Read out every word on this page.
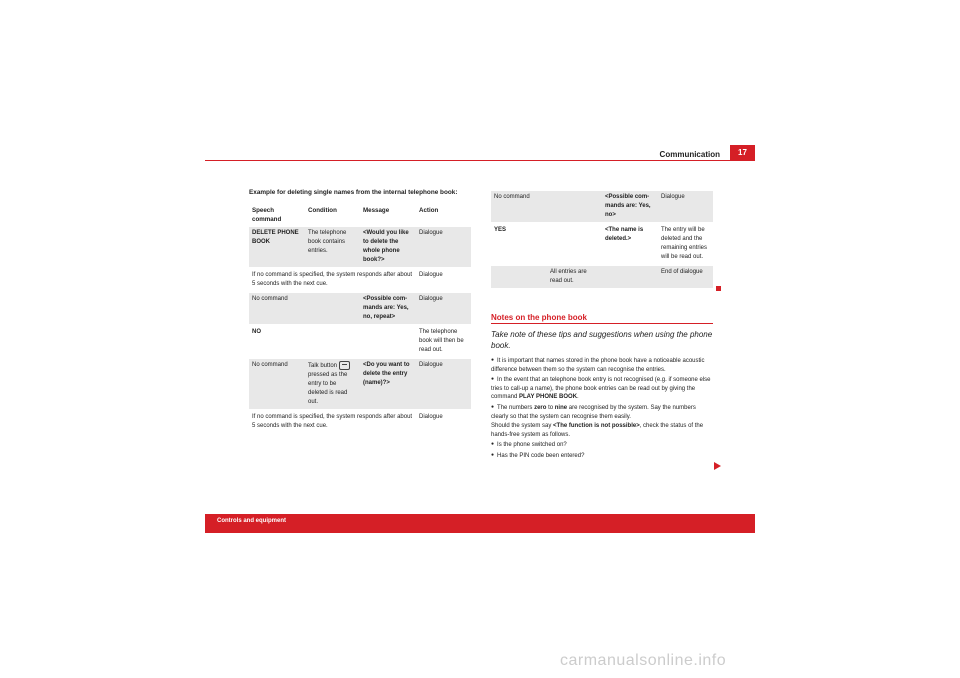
Communication	17
Example for deleting single names from the internal telephone book:
Speech command	Condition	Message	Action
DELETE PHONE BOOK	The telephone book contains entries.	<Would you like to delete the whole phone book?>	Dialogue
If no command is specified, the system responds after about 5 seconds with the next cue.			Dialogue
No command		<Possible com-mands are: Yes, no, repeat>	Dialogue
NO			The telephone book will then be read out.
No command	Talk button  pressed as the entry to be deleted is read out.	<Do you want to delete the entry (name)?>	Dialogue
If no command is specified, the system responds after about 5 seconds with the next cue.			Dialogue
No command		<Possible com-mands are: Yes, no>	Dialogue
YES		<The name is deleted.>	The entry will be deleted and the remaining entries will be read out.
	All entries are read out.		End of dialogue
Notes on the phone book
Take note of these tips and suggestions when using the phone book.

● It is important that names stored in the phone book have a noticeable acoustic difference between them so the system can recognise the entries.

● In the event that an telephone book entry is not recognised (e.g. if someone else tries to call-up a name), the phone book entries can be read out by giving the command PLAY PHONE BOOK.

● The numbers zero to nine are recognised by the system. Say the numbers clearly so that the system can recognise them easily.

Should the system say <The function is not possible>, check the status of the hands-free system as follows.

● Is the phone switched on?

● Has the PIN code been entered?

Controls and equipment
carmanualsonline.info
